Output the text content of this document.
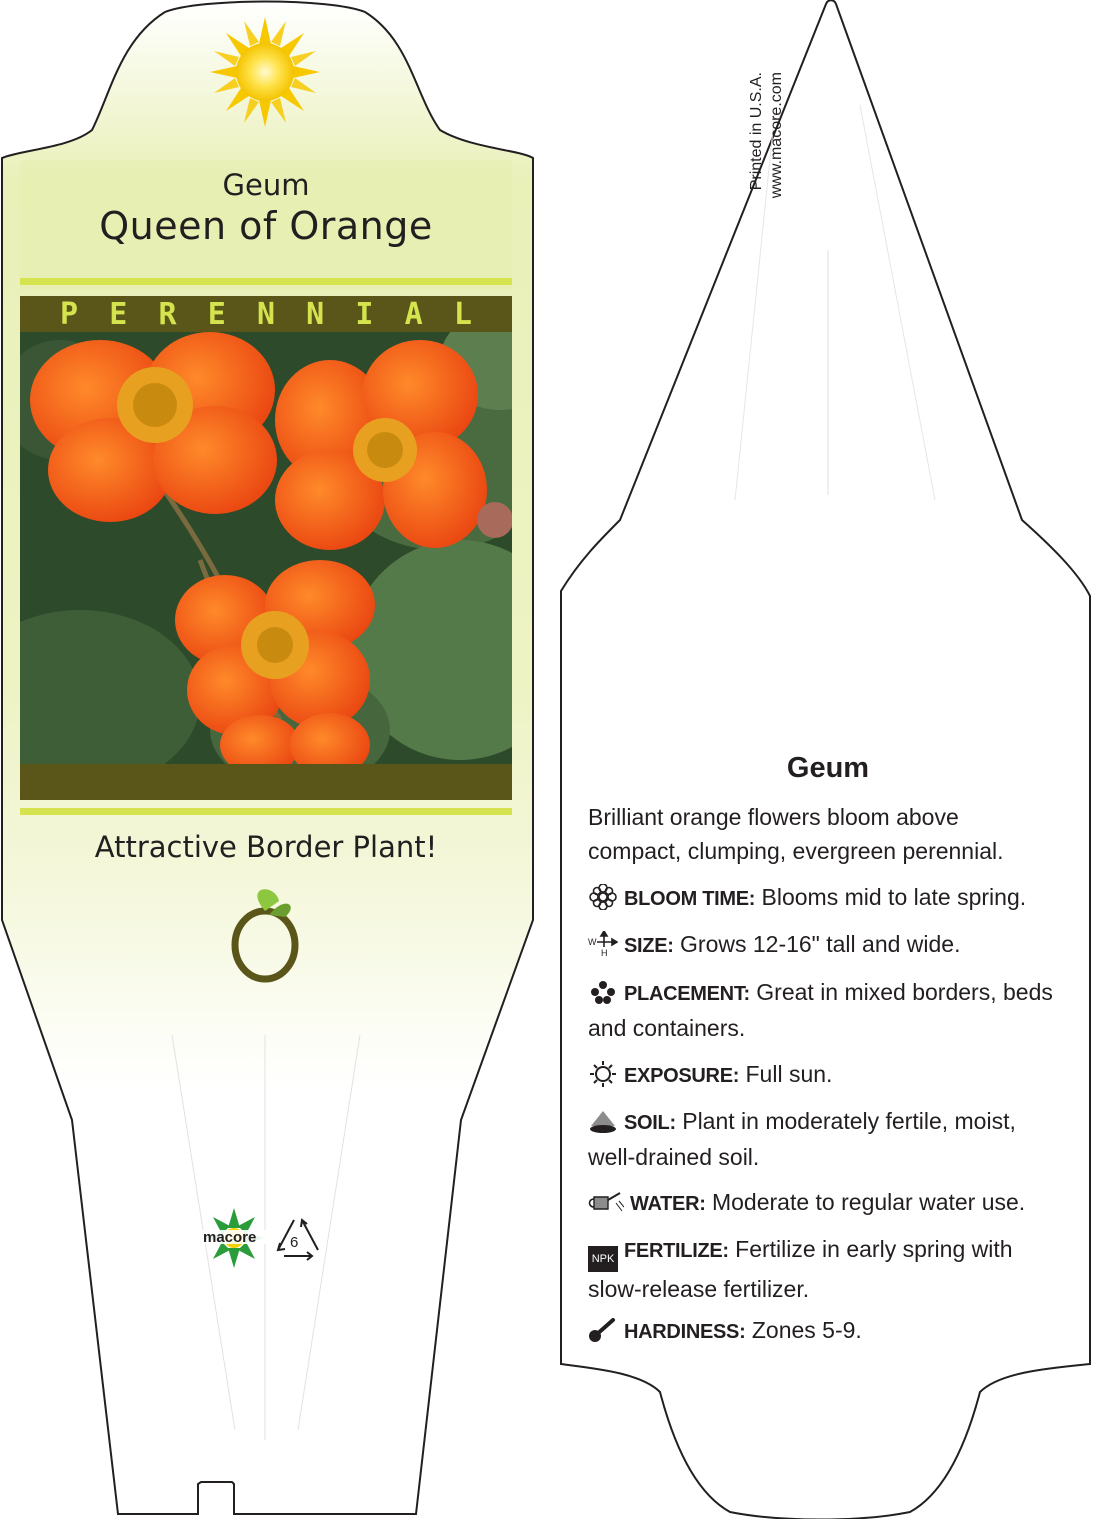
Geum
Queen of Orange
P E R E N N I A L
Attractive Border Plant!
macore 6
Printed in U.S.A. www.macore.com
Geum
Brilliant orange flowers bloom above compact, clumping, evergreen perennial.
BLOOM TIME: Blooms mid to late spring.
W
H SIZE: Grows 12-16" tall and wide.
PLACEMENT: Great in mixed borders, beds and containers.
EXPOSURE: Full sun.
SOIL: Plant in moderately fertile, moist, well-drained soil.
WATER: Moderate to regular water use.
NPK FERTILIZE: Fertilize in early spring with slow-release fertilizer.
HARDINESS: Zones 5-9.
